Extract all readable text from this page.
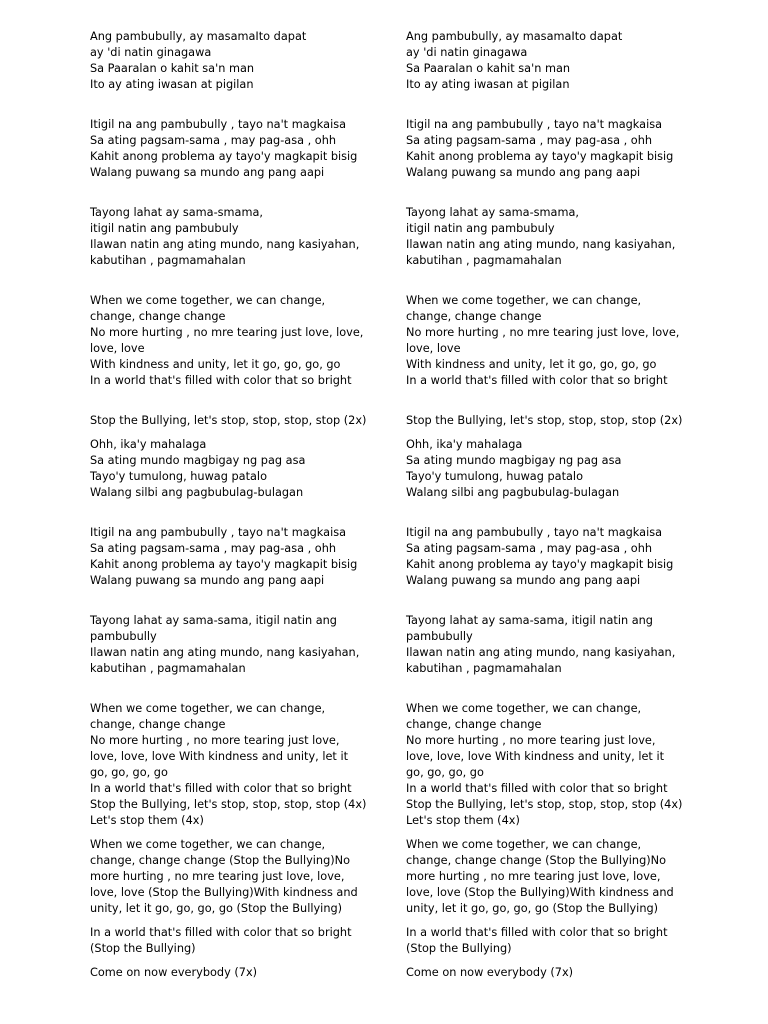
Ang pambubully, ay masamaIto dapat
ay 'di natin ginagawa
Sa Paaralan o kahit sa'n man
Ito ay ating iwasan at pigilan
Itigil na ang pambubully , tayo na't magkaisa
Sa ating pagsam-sama , may pag-asa , ohh
Kahit anong problema ay tayo'y magkapit bisig
Walang puwang sa mundo ang pang aapi
Tayong lahat ay sama-smama,
itigil natin ang pambubuly
Ilawan natin ang ating mundo, nang kasiyahan,
kabutihan , pagmamahalan
When we come together, we can change,
change, change change
No more hurting , no mre tearing just love, love,
love, love
With kindness and unity, let it go, go, go, go
In a world that's filled with color that so bright
Stop the Bullying, let's stop, stop, stop, stop (2x)
Ohh, ika'y mahalaga
Sa ating mundo magbigay ng pag asa
Tayo'y tumulong, huwag patalo
Walang silbi ang pagbubulag-bulagan
Itigil na ang pambubully , tayo na't magkaisa
Sa ating pagsam-sama , may pag-asa , ohh
Kahit anong problema ay tayo'y magkapit bisig
Walang puwang sa mundo ang pang aapi
Tayong lahat ay sama-sama, itigil natin ang
pambubully
Ilawan natin ang ating mundo, nang kasiyahan,
kabutihan , pagmamahalan
When we come together, we can change,
change, change change
No more hurting , no more tearing just love,
love, love, love With kindness and unity, let it
go, go, go, go
In a world that's filled with color that so bright
Stop the Bullying, let's stop, stop, stop, stop (4x)
Let's stop them (4x)
When we come together, we can change,
change, change change (Stop the Bullying)No
more hurting , no mre tearing just love, love,
love, love (Stop the Bullying)With kindness and
unity, let it go, go, go, go (Stop the Bullying)
In a world that's filled with color that so bright
(Stop the Bullying)
Come on now everybody (7x)
Ang pambubully, ay masamaIto dapat
ay 'di natin ginagawa
Sa Paaralan o kahit sa'n man
Ito ay ating iwasan at pigilan
Itigil na ang pambubully , tayo na't magkaisa
Sa ating pagsam-sama , may pag-asa , ohh
Kahit anong problema ay tayo'y magkapit bisig
Walang puwang sa mundo ang pang aapi
Tayong lahat ay sama-smama,
itigil natin ang pambubuly
Ilawan natin ang ating mundo, nang kasiyahan,
kabutihan , pagmamahalan
When we come together, we can change,
change, change change
No more hurting , no mre tearing just love, love,
love, love
With kindness and unity, let it go, go, go, go
In a world that's filled with color that so bright
Stop the Bullying, let's stop, stop, stop, stop (2x)
Ohh, ika'y mahalaga
Sa ating mundo magbigay ng pag asa
Tayo'y tumulong, huwag patalo
Walang silbi ang pagbubulag-bulagan
Itigil na ang pambubully , tayo na't magkaisa
Sa ating pagsam-sama , may pag-asa , ohh
Kahit anong problema ay tayo'y magkapit bisig
Walang puwang sa mundo ang pang aapi
Tayong lahat ay sama-sama, itigil natin ang
pambubully
Ilawan natin ang ating mundo, nang kasiyahan,
kabutihan , pagmamahalan
When we come together, we can change,
change, change change
No more hurting , no more tearing just love,
love, love, love With kindness and unity, let it
go, go, go, go
In a world that's filled with color that so bright
Stop the Bullying, let's stop, stop, stop, stop (4x)
Let's stop them (4x)
When we come together, we can change,
change, change change (Stop the Bullying)No
more hurting , no mre tearing just love, love,
love, love (Stop the Bullying)With kindness and
unity, let it go, go, go, go (Stop the Bullying)
In a world that's filled with color that so bright
(Stop the Bullying)
Come on now everybody (7x)
